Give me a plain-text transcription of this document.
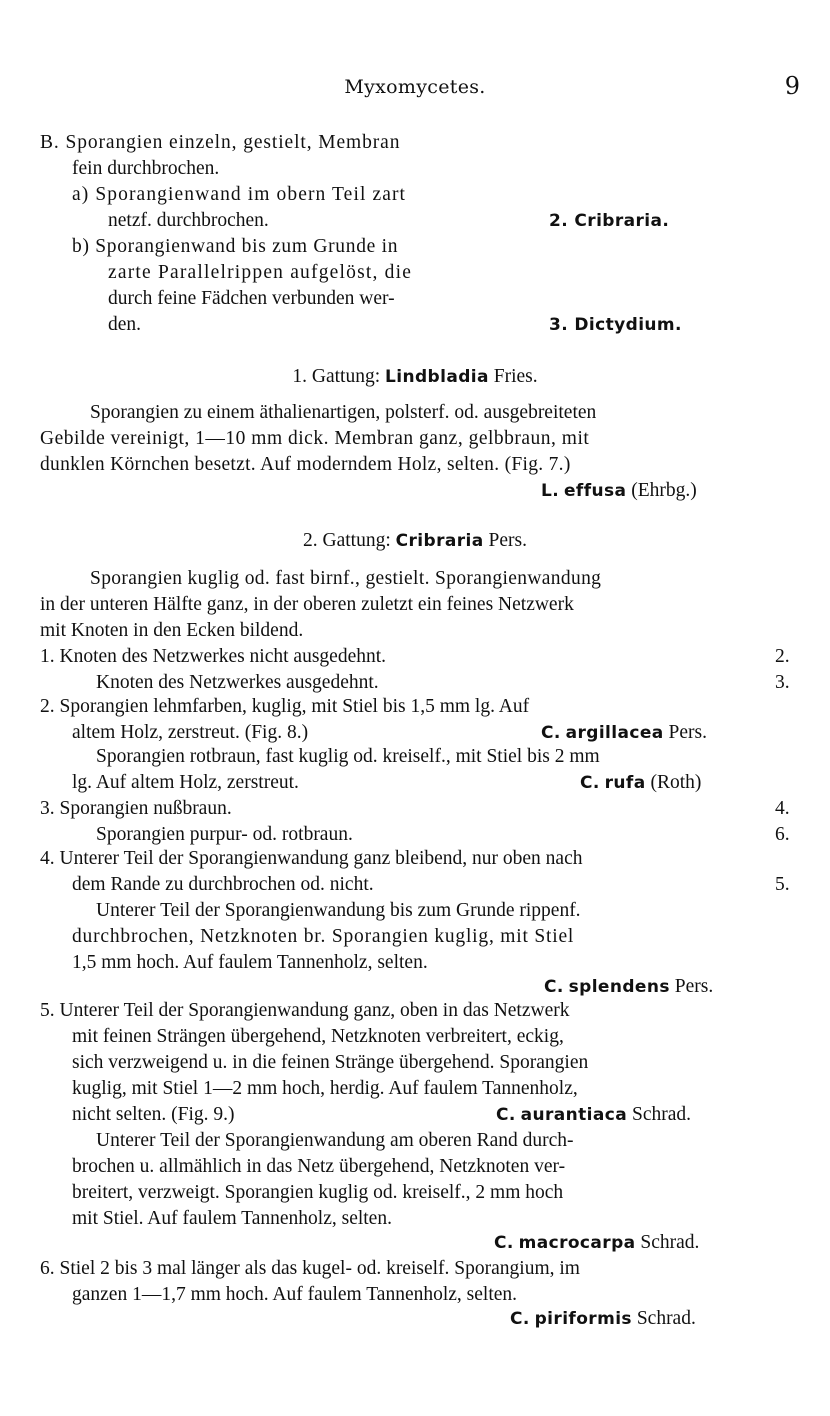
Myxomycetes.	9
B. Sporangien einzeln, gestielt, Membran
fein durchbrochen.
a) Sporangienwand im obern Teil zart
netzf. durchbrochen.	2. Cribraria.
b) Sporangienwand bis zum Grunde in
zarte Parallelrippen aufgelöst, die
durch feine Fädchen verbunden wer-
den.	3. Dictydium.
1. Gattung: Lindbladia Fries.
Sporangien zu einem äthalienartigen, polsterf. od. ausgebreiteten
Gebilde vereinigt, 1—10 mm dick. Membran ganz, gelbbraun, mit
dunklen Körnchen besetzt. Auf moderndem Holz, selten. (Fig. 7.)
L. effusa (Ehrbg.)
2. Gattung: Cribraria Pers.
Sporangien kuglig od. fast birnf., gestielt. Sporangienwandung
in der unteren Hälfte ganz, in der oberen zuletzt ein feines Netzwerk
mit Knoten in den Ecken bildend.
1. Knoten des Netzwerkes nicht ausgedehnt.	2.
Knoten des Netzwerkes ausgedehnt.	3.
2. Sporangien lehmfarben, kuglig, mit Stiel bis 1,5 mm lg. Auf
altem Holz, zerstreut. (Fig. 8.)	C. argillacea Pers.
Sporangien rotbraun, fast kuglig od. kreiself., mit Stiel bis 2 mm
lg. Auf altem Holz, zerstreut.	C. rufa (Roth)
3. Sporangien nußbraun.	4.
Sporangien purpur- od. rotbraun.	6.
4. Unterer Teil der Sporangienwandung ganz bleibend, nur oben nach
dem Rande zu durchbrochen od. nicht.	5.
Unterer Teil der Sporangienwandung bis zum Grunde rippenf.
durchbrochen, Netzknoten br. Sporangien kuglig, mit Stiel
1,5 mm hoch. Auf faulem Tannenholz, selten.
C. splendens Pers.
5. Unterer Teil der Sporangienwandung ganz, oben in das Netzwerk
mit feinen Strängen übergehend, Netzknoten verbreitert, eckig,
sich verzweigend u. in die feinen Stränge übergehend. Sporangien
kuglig, mit Stiel 1—2 mm hoch, herdig. Auf faulem Tannenholz,
nicht selten. (Fig. 9.)	C. aurantiaca Schrad.
Unterer Teil der Sporangienwandung am oberen Rand durch-
brochen u. allmählich in das Netz übergehend, Netzknoten ver-
breitert, verzweigt. Sporangien kuglig od. kreiself., 2 mm hoch
mit Stiel. Auf faulem Tannenholz, selten.
C. macrocarpa Schrad.
6. Stiel 2 bis 3 mal länger als das kugel- od. kreiself. Sporangium, im
ganzen 1—1,7 mm hoch. Auf faulem Tannenholz, selten.
C. piriformis Schrad.
